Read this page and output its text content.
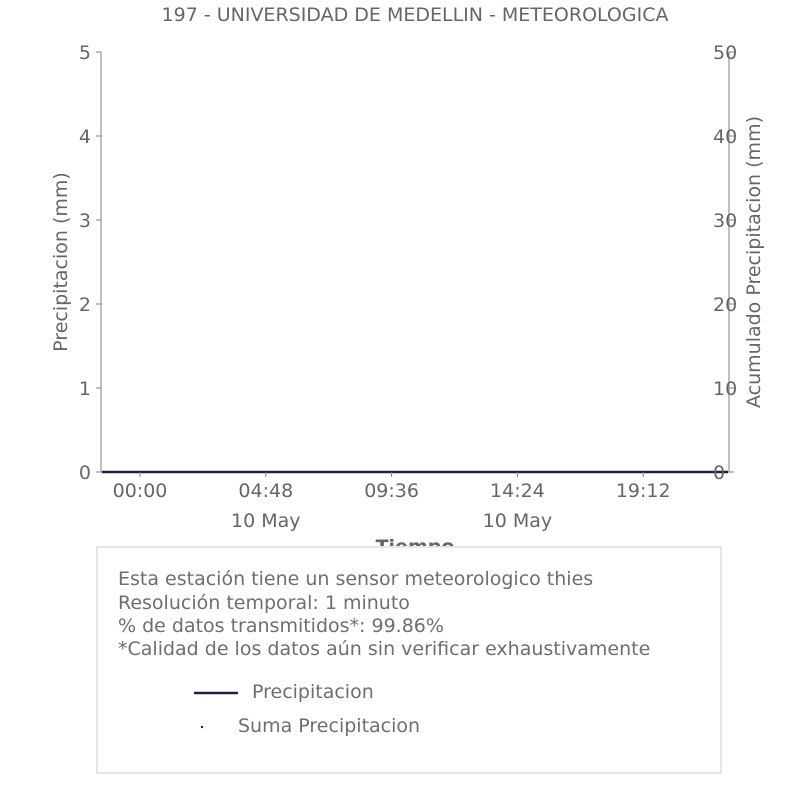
197 - UNIVERSIDAD DE MEDELLIN - METEOROLOGICA
0
1
2
3
4
5
0
10
20
30
40
50
00:00	04:48	09:36	14:24	19:12
10 May	10 May
Precipitacion (mm)	Acumulado Precipitacion (mm)
Esta estación tiene un sensor meteorologico thies
Resolución temporal: 1 minuto
% de datos transmitidos*: 99.86%
*Calidad de los datos aún sin verificar exhaustivamente
Precipitacion
Suma Precipitacion
